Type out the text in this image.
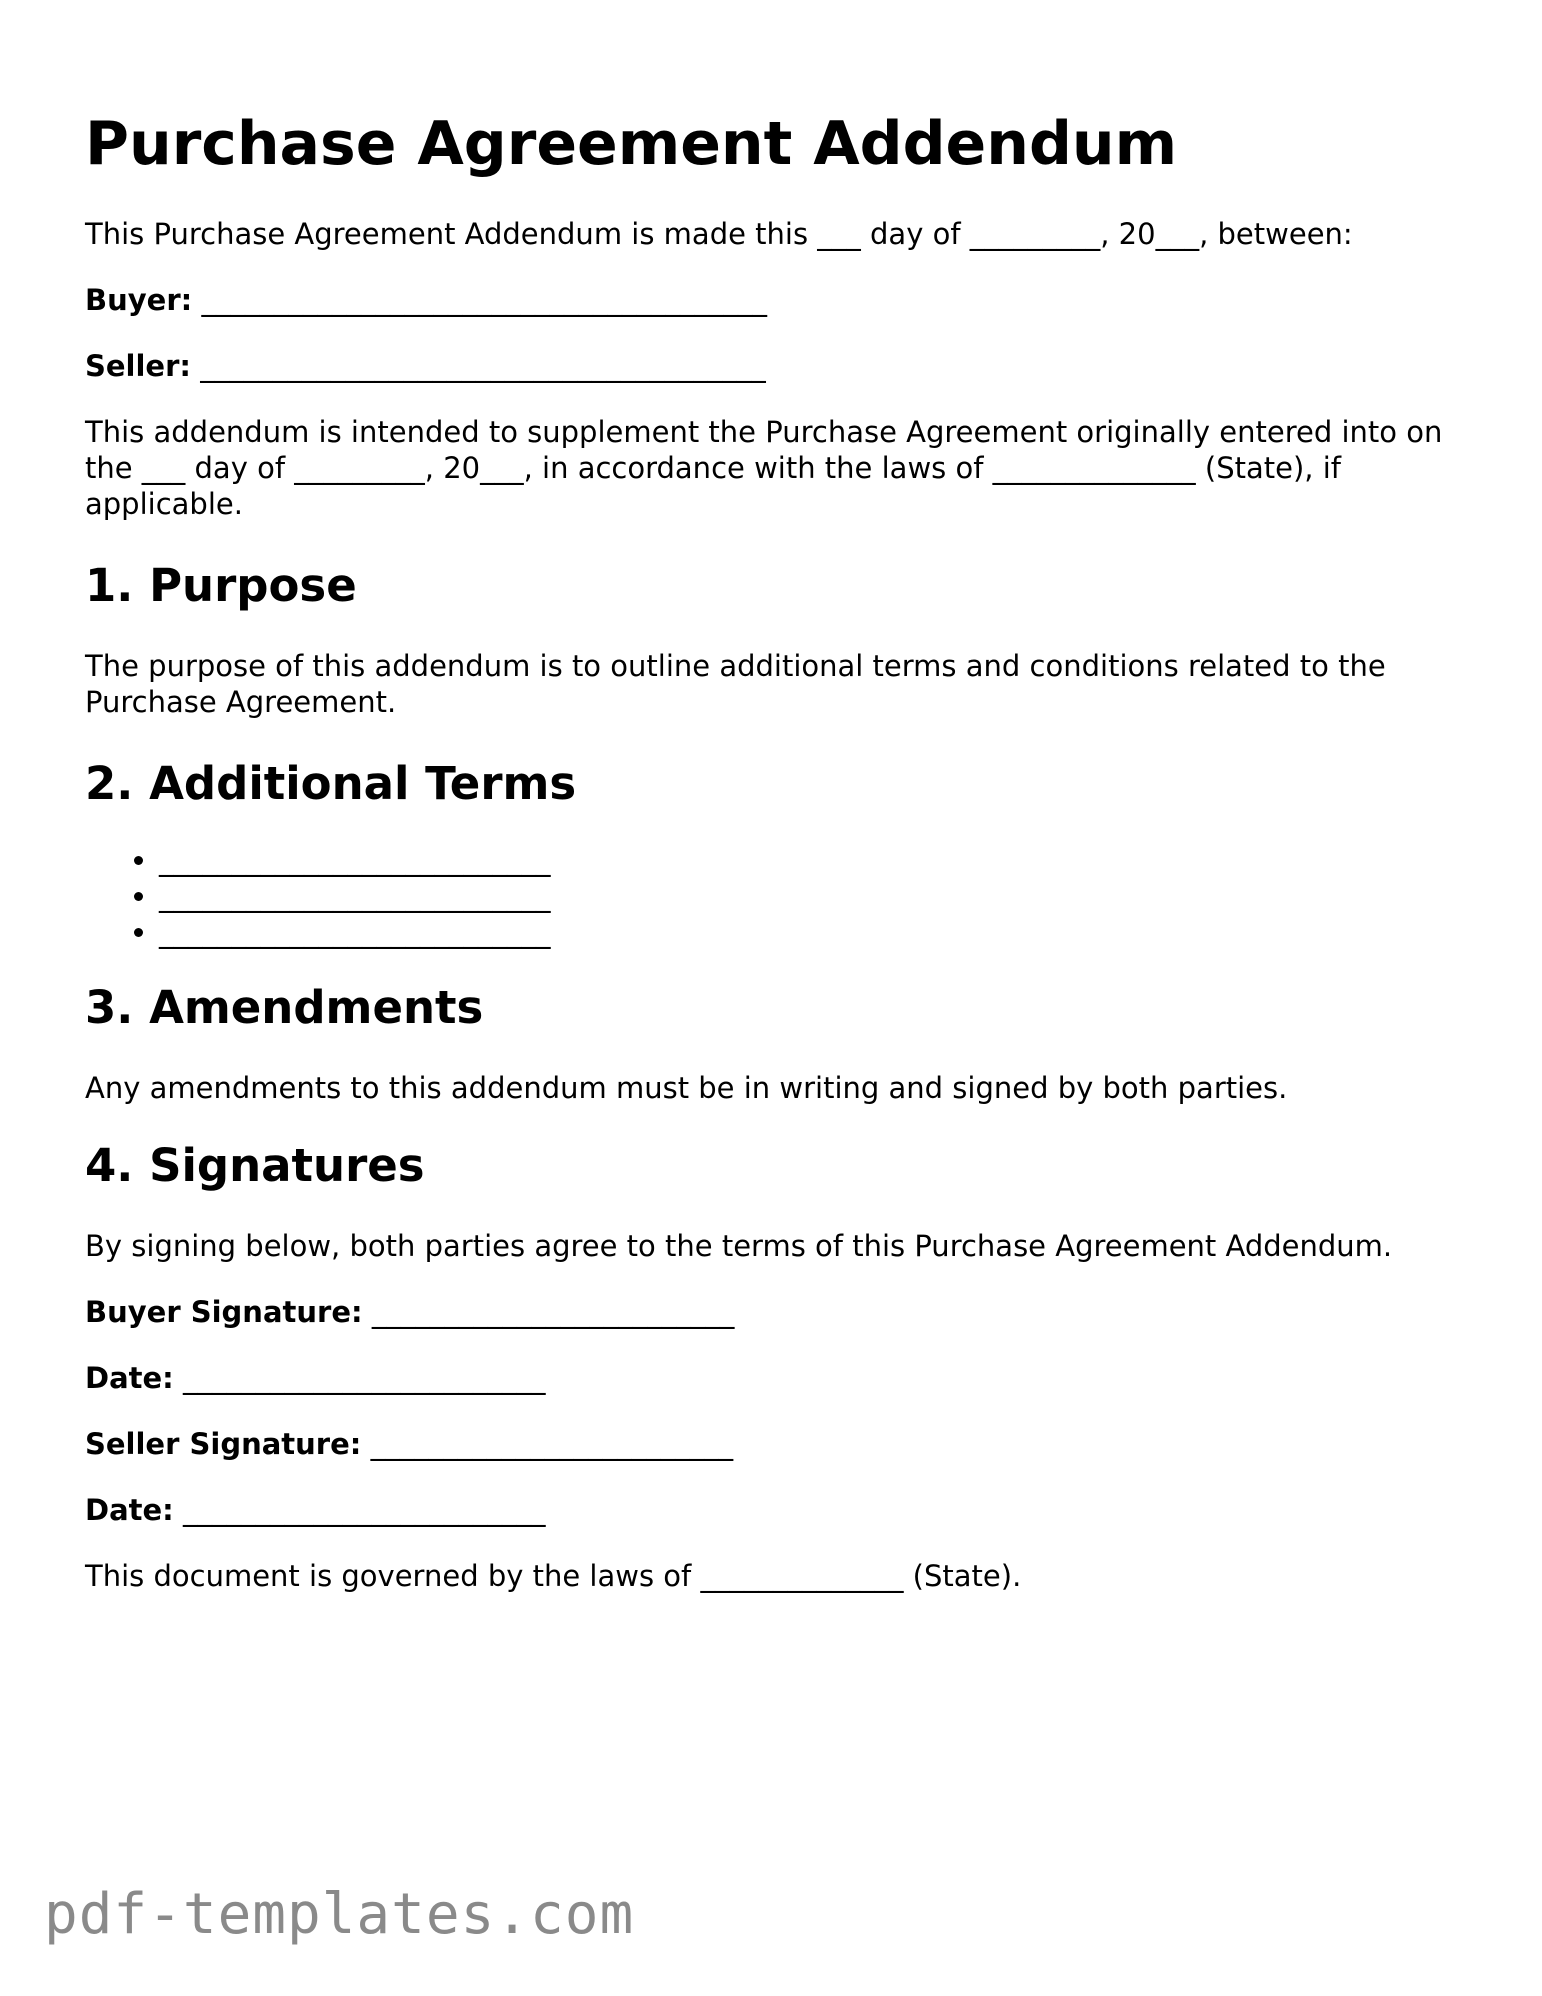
Purchase Agreement Addendum

This Purchase Agreement Addendum is made this ___ day of _________, 20___, between:

Buyer: _______________________________________
Seller: _______________________________________

This addendum is intended to supplement the Purchase Agreement originally entered into on the ___ day of _________, 20___, in accordance with the laws of ______________ (State), if applicable.

1. Purpose

The purpose of this addendum is to outline additional terms and conditions related to the Purchase Agreement.

2. Additional Terms
• ___________________________
• ___________________________
• ___________________________
3. Amendments

Any amendments to this addendum must be in writing and signed by both parties.

4. Signatures

By signing below, both parties agree to the terms of this Purchase Agreement Addendum.

Buyer Signature: _________________________
Date: _________________________
Seller Signature: _________________________
Date: _________________________

This document is governed by the laws of ______________ (State).

pdf-templates.com
